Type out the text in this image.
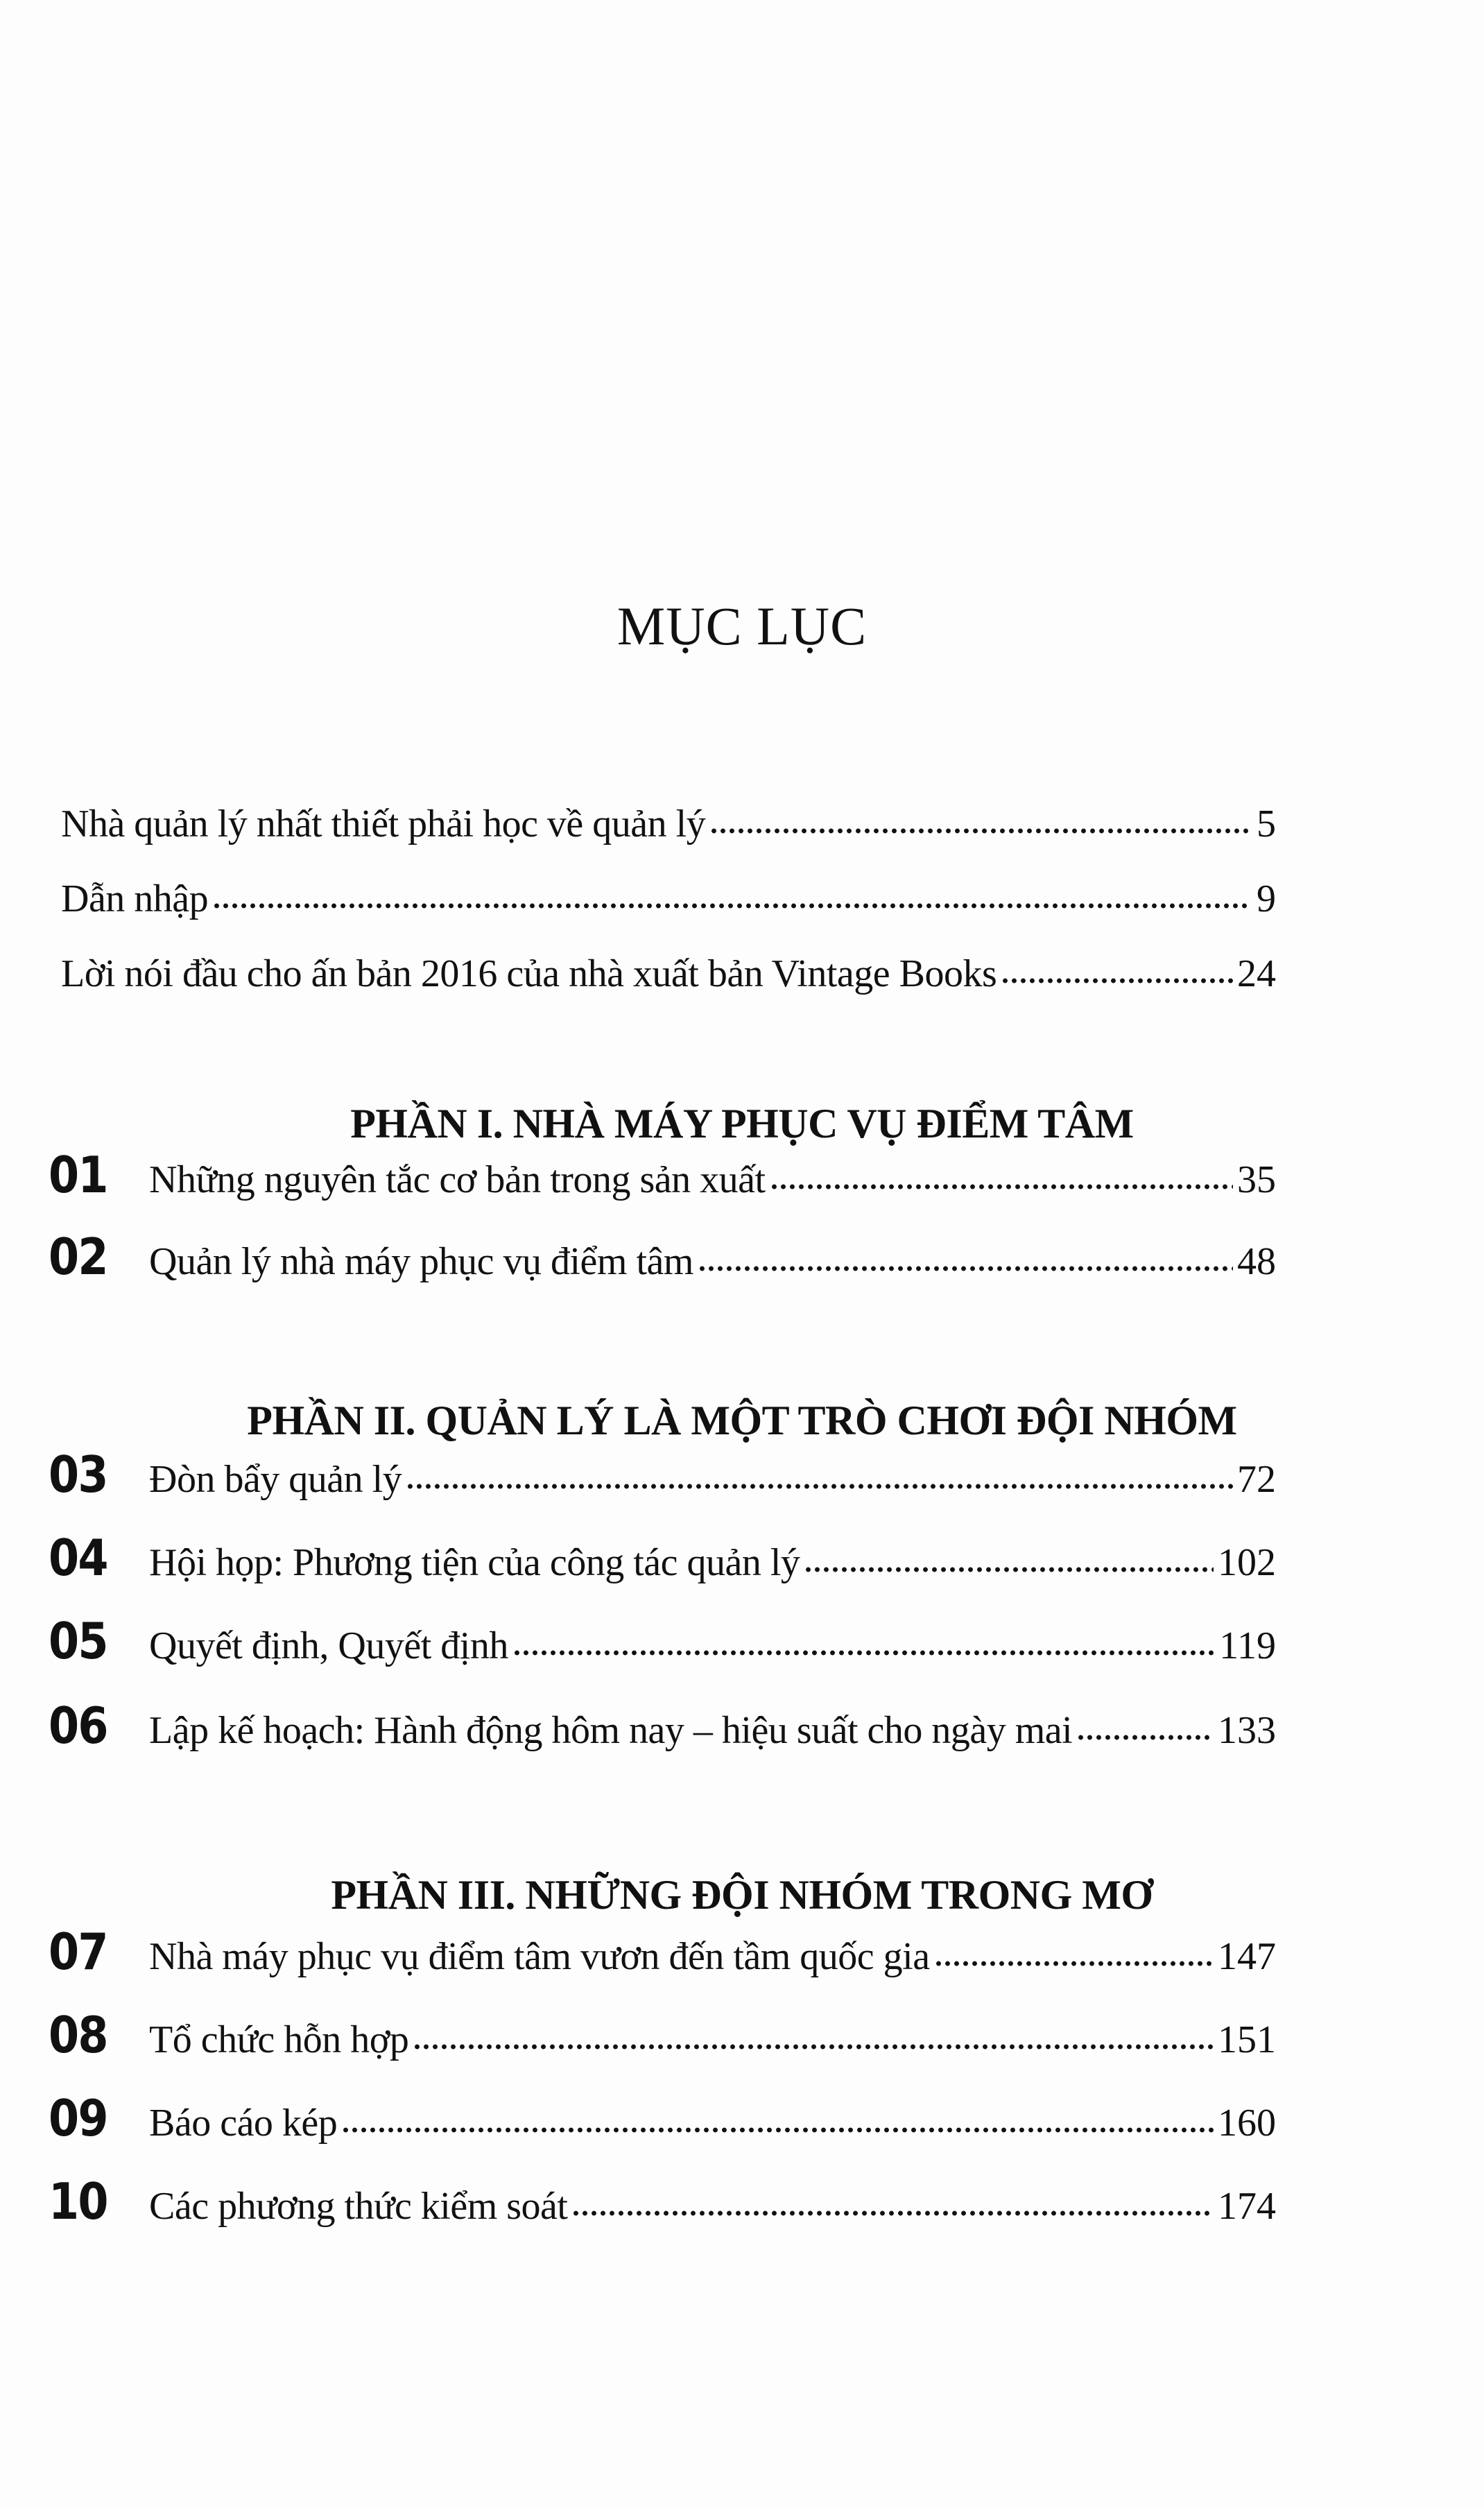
MỤC LỤC
Nhà quản lý nhất thiết phải học về quản lý	5
Dẫn nhập	9
Lời nói đầu cho ấn bản 2016 của nhà xuất bản Vintage Books	24
PHẦN I. NHÀ MÁY PHỤC VỤ ĐIỂM TÂM
01	Những nguyên tắc cơ bản trong sản xuất	35
02	Quản lý nhà máy phục vụ điểm tâm	48
PHẦN II. QUẢN LÝ LÀ MỘT TRÒ CHƠI ĐỘI NHÓM
03	Đòn bẩy quản lý	72
04	Hội họp: Phương tiện của công tác quản lý	102
05	Quyết định, Quyết định	119
06	Lập kế hoạch: Hành động hôm nay – hiệu suất cho ngày mai	133
PHẦN III. NHỮNG ĐỘI NHÓM TRONG MƠ
07	Nhà máy phục vụ điểm tâm vươn đến tầm quốc gia	147
08	Tổ chức hỗn hợp	151
09	Báo cáo kép	160
10	Các phương thức kiểm soát	174
